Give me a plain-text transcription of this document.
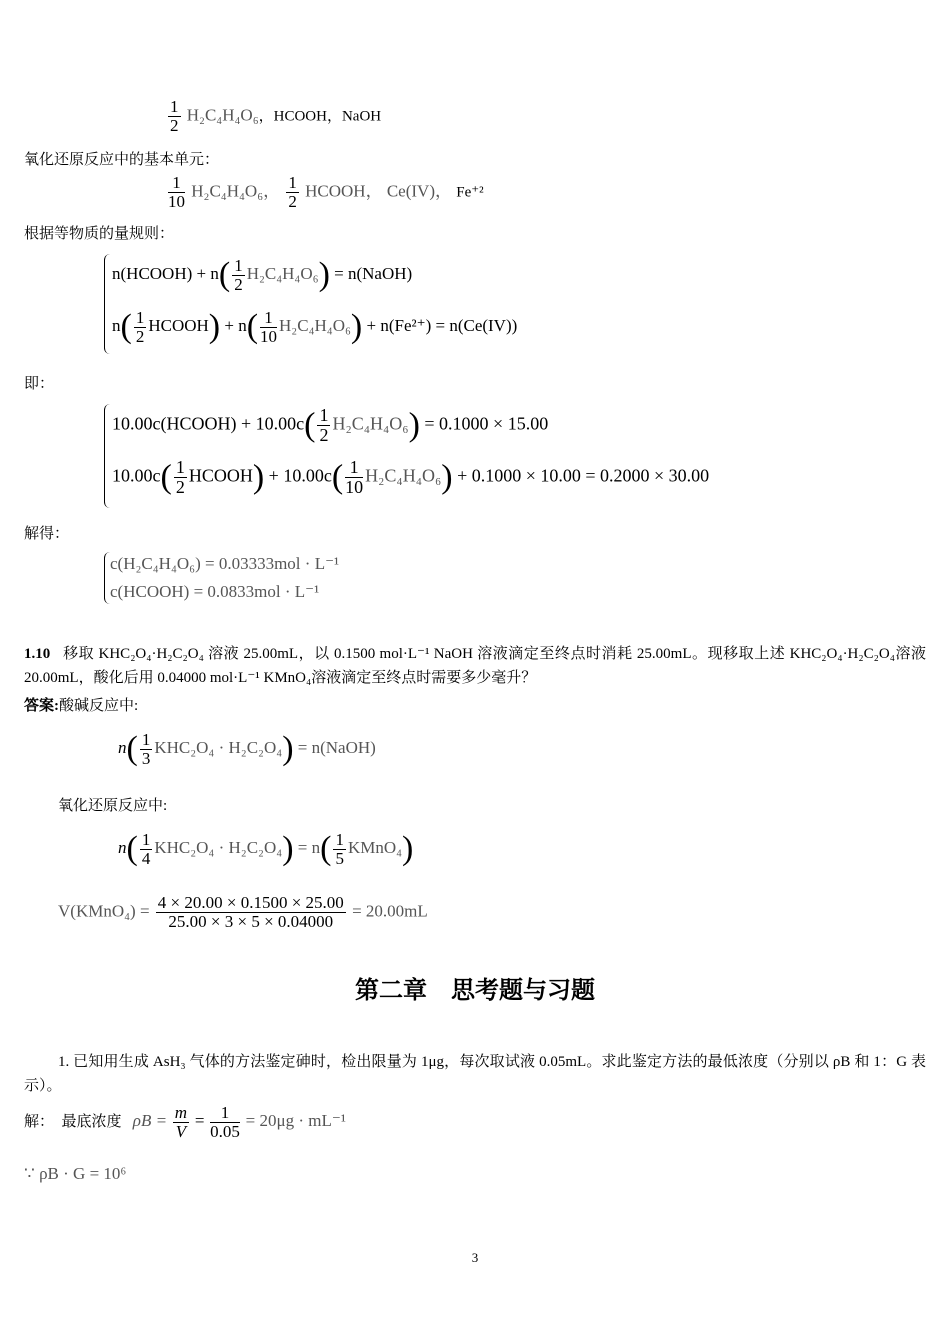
$\frac{1}{2} H_2C_4H_4O_6$，HCOOH，NaOH
氧化还原反应中的基本单元：
$\frac{1}{10} H_2C_4H_4O_6$， $\frac{1}{2}$ HCOOH， Ce(IV)， Fe⁺²
根据等物质的量规则：
n(HCOOH) + $n( \frac{1}{2} H_2C_4H_4O_6)$ = n(NaOH)
$n( \frac{1}{2}$ HCOOH) + $n( \frac{1}{10} H_2C_4H_4O_6) + n(Fe^{2+}) = n(Ce(IV))$
即：
10.00c(HCOOH) + $10.00c( \frac{1}{2} H_2C_4H_4O_6) = 0.1000 \times 15.00$
$10.00c( \frac{1}{2}$ HCOOH) + $10.00c( \frac{1}{10} H_2C_4H_4O_6) + 0.1000 \times 10.00 = 0.2000 \times 30.00$
解得：
c(H₂C₄H₄O₆) = 0.03333mol · L⁻¹
c(HCOOH) = 0.0833mol · L⁻¹
1.10 移取 KHC₂O₄·H₂C₂O₄ 溶液 25.00mL，以 0.1500 mol·L⁻¹ NaOH 溶液滴定至终点时消耗 25.00mL。现移取上述 KHC₂O₄·H₂C₂O₄溶液 20.00mL，酸化后用 0.04000 mol·L⁻¹ KMnO₄溶液滴定至终点时需要多少毫升？
答案:酸碱反应中:
$n( \frac{1}{3} KHC_2O_4 \cdot H_2C_2O_4)$ = n(NaOH)
氧化还原反应中:
$n( \frac{1}{4} KHC_2O_4 \cdot H_2C_2O_4) = n( \frac{1}{5}$ KMnO₄)
V(KMnO₄) = $\frac{4 \times 20.00 \times 0.1500 \times 25.00}{25.00 \times 3 \times 5 \times 0.04000} = 20.00mL$
第二章　思考题与习题
1. 已知用生成 AsH₃ 气体的方法鉴定砷时，检出限量为 1μg，每次取试液 0.05mL。求此鉴定方法的最低浓度（分别以 ρB 和 1：G 表示）。
解： 最底浓度 $\rho B = \frac{m}{V} = \frac{1}{0.05} = 20\mu g \cdot mL^{-1}$
∵ ρB · G = 10⁶
3
